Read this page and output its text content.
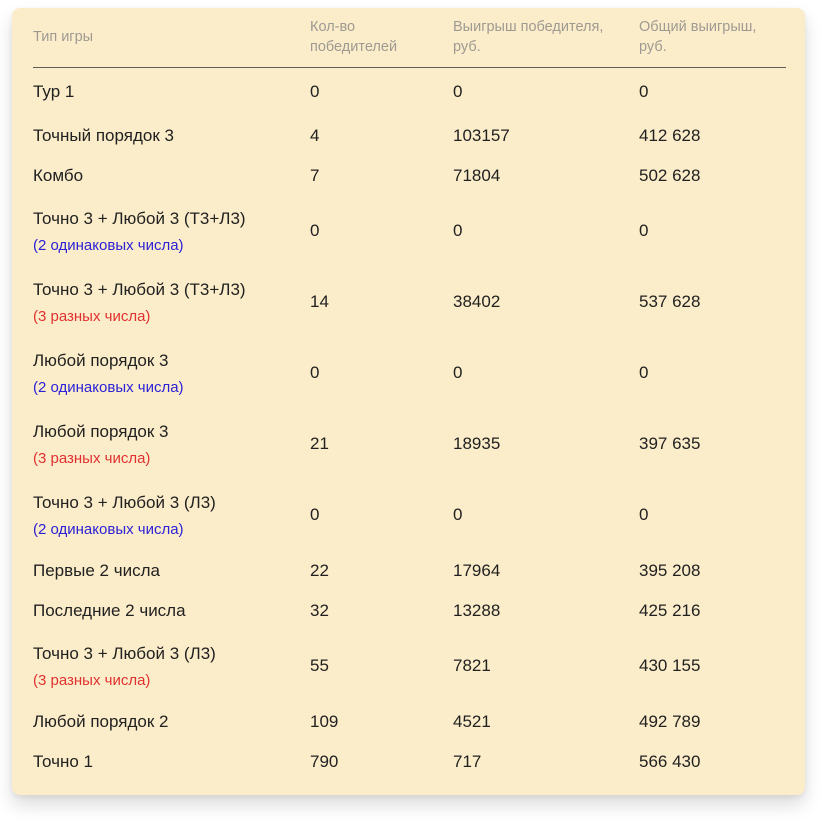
Тип игры	Кол-во победителей	Выигрыш победителя, руб.	Общий выигрыш, руб.

Тур 1	0	0	0

Точный порядок 3	4	103157	412 628

Комбо	7	71804	502 628

Точно 3 + Любой 3 (Т3+Л3)
(2 одинаковых числа)	0	0	0

Точно 3 + Любой 3 (Т3+Л3)
(3 разных числа)	14	38402	537 628

Любой порядок 3
(2 одинаковых числа)	0	0	0

Любой порядок 3
(3 разных числа)	21	18935	397 635

Точно 3 + Любой 3 (Л3)
(2 одинаковых числа)	0	0	0

Первые 2 числа	22	17964	395 208

Последние 2 числа	32	13288	425 216

Точно 3 + Любой 3 (Л3)
(3 разных числа)	55	7821	430 155

Любой порядок 2	109	4521	492 789

Точно 1	790	717	566 430
